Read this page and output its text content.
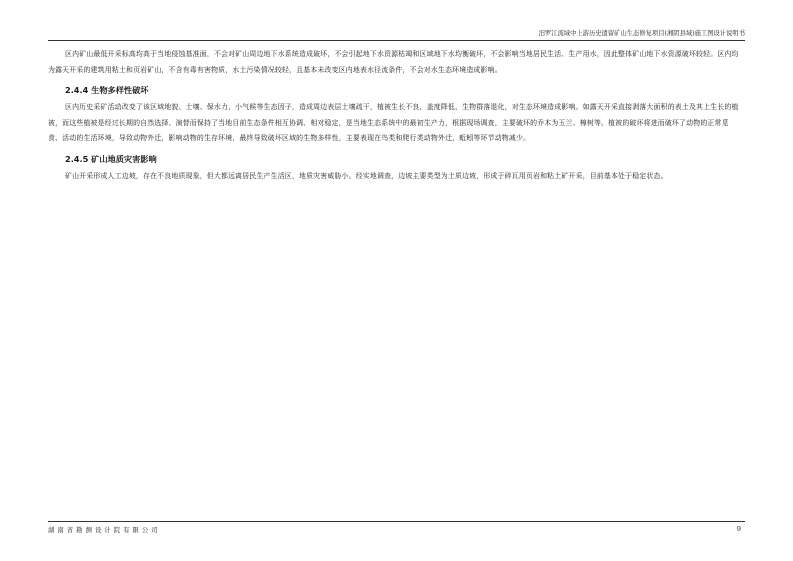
汨罗江流域中上游历史遗留矿山生态修复项目(湘阴县域)施工图设计说明书

区内矿山最低开采标高均高于当地侵蚀基准面，不会对矿山周边地下水系统造成破坏，不会引起地下水资源枯竭和区域地下水均衡破坏，不会影响当地居民生活、生产用水，因此整体矿山地下水资源破坏较轻。区内均为露天开采的建筑用粘土和页岩矿山，不含有毒有害物质，水土污染情况较轻，且基本未改变区内地表水径流条件，不会对水生态环境造成影响。

2.4.4 生物多样性破坏

区内历史采矿活动改变了该区域地貌、土壤、保水力，小气候等生态因子，造成周边表层土壤疏干，植被生长不良，盖度降低，生物群落退化，对生态环境造成影响。如露天开采直接剥落大面积的表土及其上生长的植被，而这些植被是经过长期的自然选择、演替而保持了当地目前生态条件相互协调、相对稳定，是当地生态系统中的最初生产力，根据现场调查，主要破坏的乔木为玉兰、樟树等。植被的破坏将进而破坏了动物的正常觅食、活动的生活环境，导致动物外迁，影响动物的生存环境，最终导致破坏区域的生物多样性，主要表现在鸟类和爬行类动物外迁，蚯蚓等环节动物减少。

2.4.5 矿山地质灾害影响

矿山开采形成人工边坡，存在不良地质现象，但大都远离居民生产生活区，地质灾害威胁小。经实地调查，边坡主要类型为土质边坡，形成于碎瓦用页岩和粘土矿开采，目前基本处于稳定状态。

湖南省勘测设计院有限公司	9
